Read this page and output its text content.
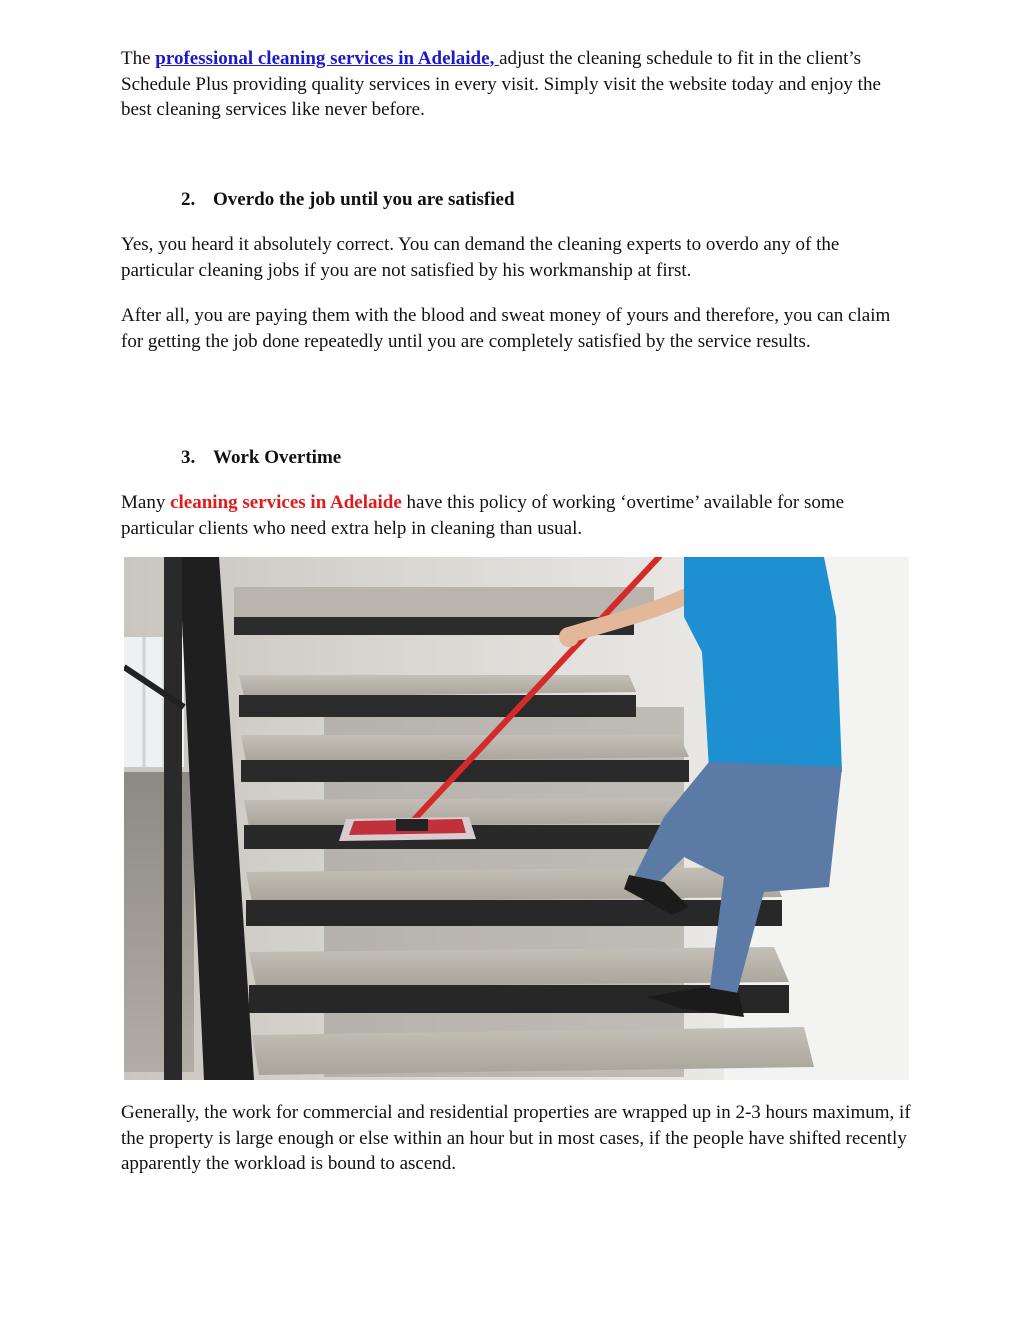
The professional cleaning services in Adelaide, adjust the cleaning schedule to fit in the client’s Schedule Plus providing quality services in every visit. Simply visit the website today and enjoy the best cleaning services like never before.

2. Overdo the job until you are satisfied

Yes, you heard it absolutely correct. You can demand the cleaning experts to overdo any of the particular cleaning jobs if you are not satisfied by his workmanship at first.

After all, you are paying them with the blood and sweat money of yours and therefore, you can claim for getting the job done repeatedly until you are completely satisfied by the service results.

3. Work Overtime

Many cleaning services in Adelaide have this policy of working ‘overtime’ available for some particular clients who need extra help in cleaning than usual.

Generally, the work for commercial and residential properties are wrapped up in 2-3 hours maximum, if the property is large enough or else within an hour but in most cases, if the people have shifted recently apparently the workload is bound to ascend.
